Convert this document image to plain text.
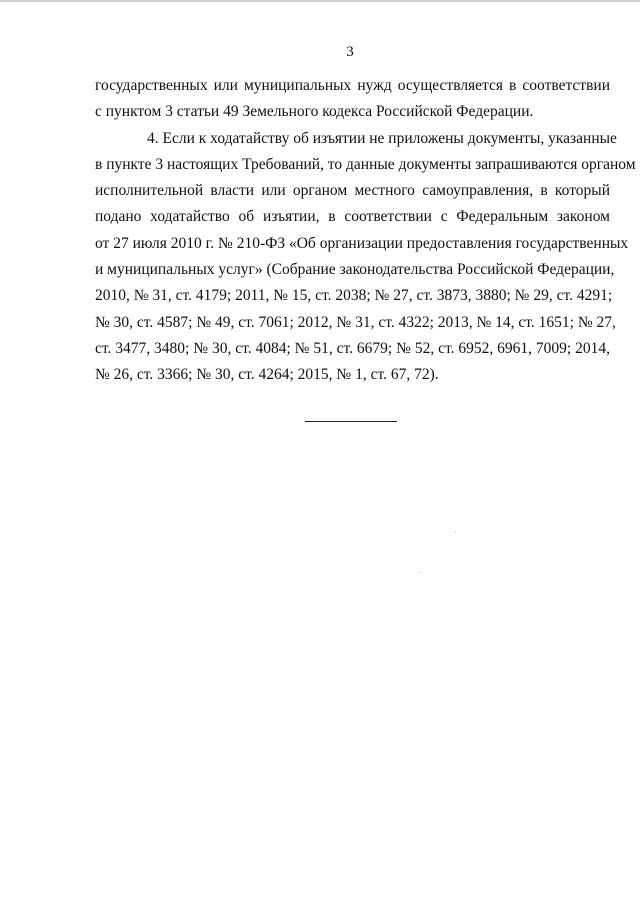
3
государственных или муниципальных нужд осуществляется в соответствии
с пунктом 3 статьи 49 Земельного кодекса Российской Федерации.
4. Если к ходатайству об изъятии не приложены документы, указанные
в пункте 3 настоящих Требований, то данные документы запрашиваются органом
исполнительной власти или органом местного самоуправления, в который
подано ходатайство об изъятии, в соответствии с Федеральным законом
от 27 июля 2010 г. № 210-ФЗ «Об организации предоставления государственных
и муниципальных услуг» (Собрание законодательства Российской Федерации,
2010, № 31, ст. 4179; 2011, № 15, ст. 2038; № 27, ст. 3873, 3880; № 29, ст. 4291;
№ 30, ст. 4587; № 49, ст. 7061; 2012, № 31, ст. 4322; 2013, № 14, ст. 1651; № 27,
ст. 3477, 3480; № 30, ст. 4084; № 51, ст. 6679; № 52, ст. 6952, 6961, 7009; 2014,
№ 26, ст. 3366; № 30, ст. 4264; 2015, № 1, ст. 67, 72).
